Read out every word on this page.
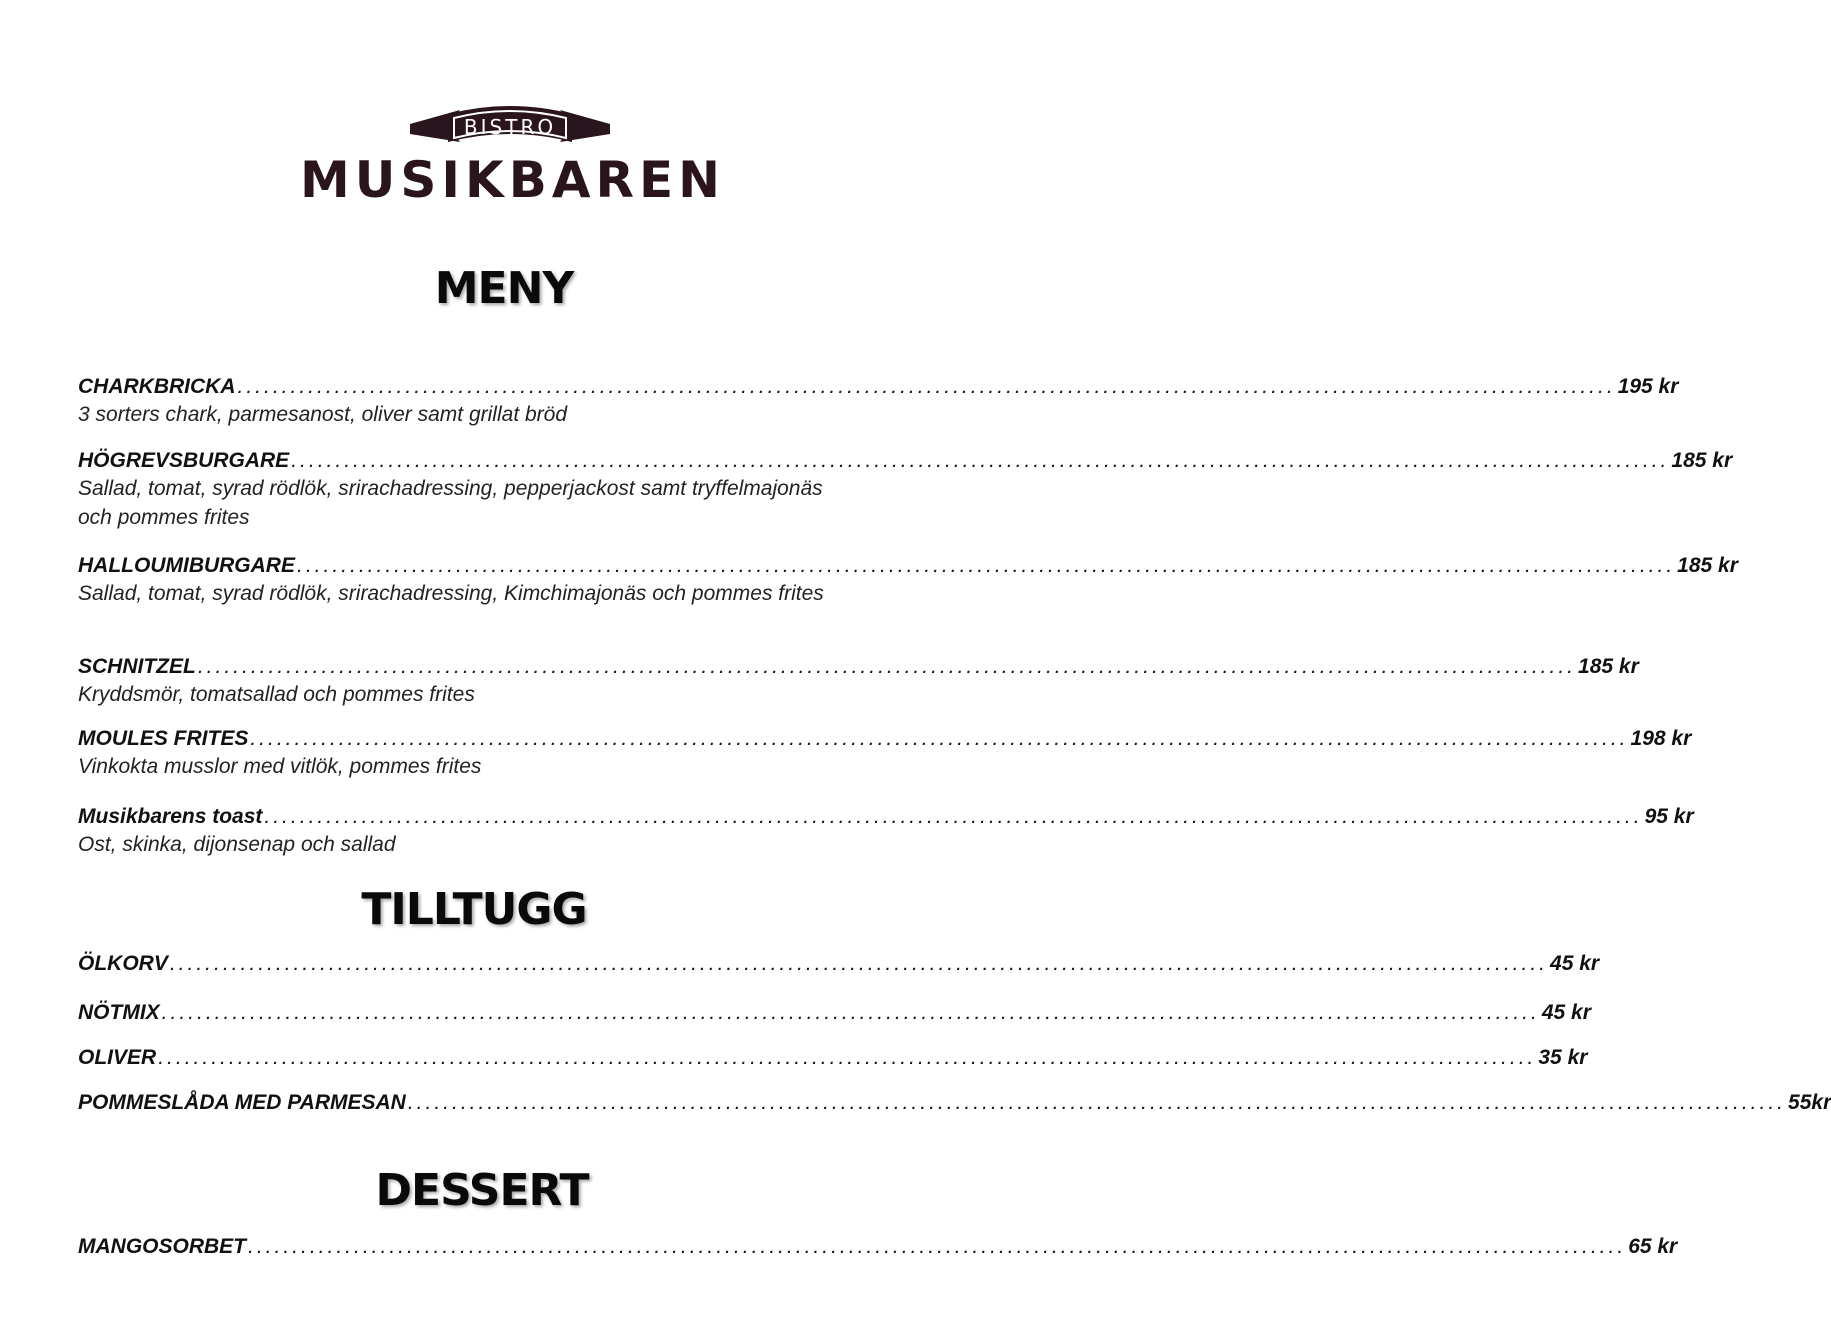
BISTRO
MUSIKBAREN
MENY
CHARKBRICKA ............................................................................................................................................................ 195 kr
3 sorters chark, parmesanost, oliver samt grillat bröd
HÖGREVSBURGARE ............................................................................................................................................................ 185 kr
Sallad, tomat, syrad rödlök, srirachadressing, pepperjackost samt tryffelmajonäs och pommes frites
HALLOUMIBURGARE ............................................................................................................................................................ 185 kr
Sallad, tomat, syrad rödlök, srirachadressing, Kimchimajonäs och pommes frites
SCHNITZEL ............................................................................................................................................................ 185 kr
Kryddsmör, tomatsallad och pommes frites
MOULES FRITES ............................................................................................................................................................ 198 kr
Vinkokta musslor med vitlök, pommes frites
Musikbarens toast ............................................................................................................................................................ 95 kr
Ost, skinka, dijonsenap och sallad
TILLTUGG
ÖLKORV ............................................................................................................................................................ 45 kr
NÖTMIX ............................................................................................................................................................ 45 kr
OLIVER ............................................................................................................................................................ 35 kr
POMMESLÅDA MED PARMESAN ............................................................................................................................................................ 55kr
DESSERT
MANGOSORBET ............................................................................................................................................................ 65 kr
